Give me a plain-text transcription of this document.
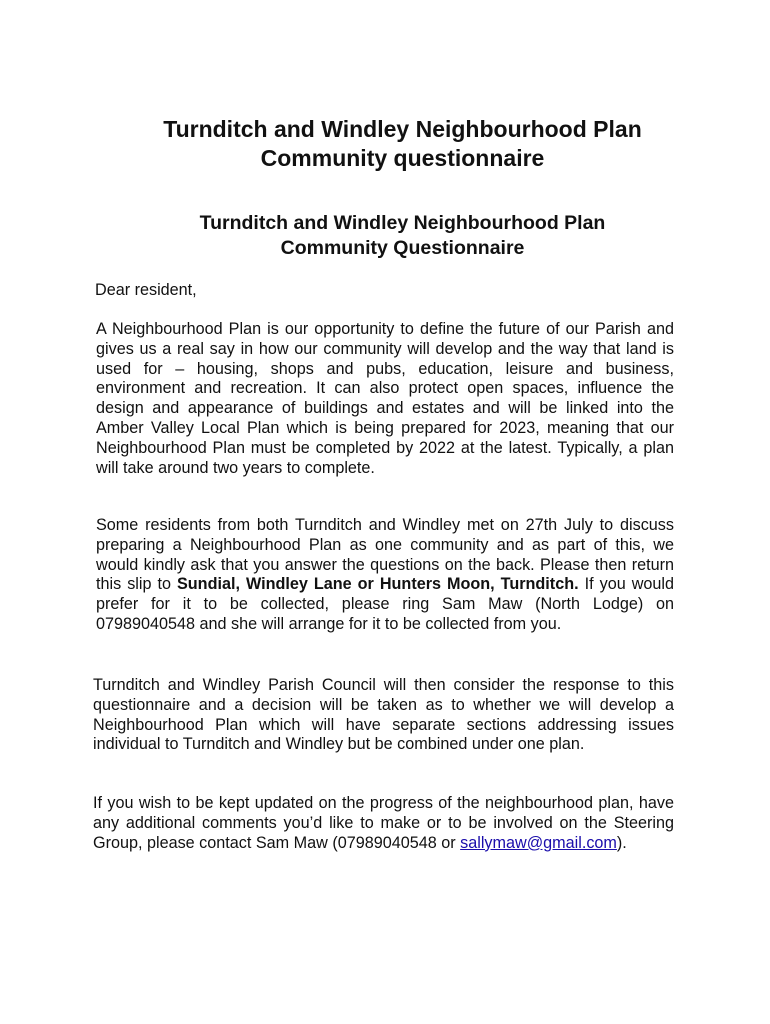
Turnditch and Windley Neighbourhood Plan
Community questionnaire
Turnditch and Windley Neighbourhood Plan
Community Questionnaire

Dear resident,

A Neighbourhood Plan is our opportunity to define the future of our Parish and gives us a real say in how our community will develop and the way that land is used for – housing, shops and pubs, education, leisure and business, environment and recreation. It can also protect open spaces, influence the design and appearance of buildings and estates and will be linked into the Amber Valley Local Plan which is being prepared for 2023, meaning that our Neighbourhood Plan must be completed by 2022 at the latest. Typically, a plan will take around two years to complete.

Some residents from both Turnditch and Windley met on 27th July to discuss preparing a Neighbourhood Plan as one community and as part of this, we would kindly ask that you answer the questions on the back. Please then return this slip to Sundial, Windley Lane or Hunters Moon, Turnditch. If you would prefer for it to be collected, please ring Sam Maw (North Lodge) on 07989040548 and she will arrange for it to be collected from you.

Turnditch and Windley Parish Council will then consider the response to this questionnaire and a decision will be taken as to whether we will develop a Neighbourhood Plan which will have separate sections addressing issues individual to Turnditch and Windley but be combined under one plan.

If you wish to be kept updated on the progress of the neighbourhood plan, have any additional comments you’d like to make or to be involved on the Steering Group, please contact Sam Maw (07989040548 or sallymaw@gmail.com).
